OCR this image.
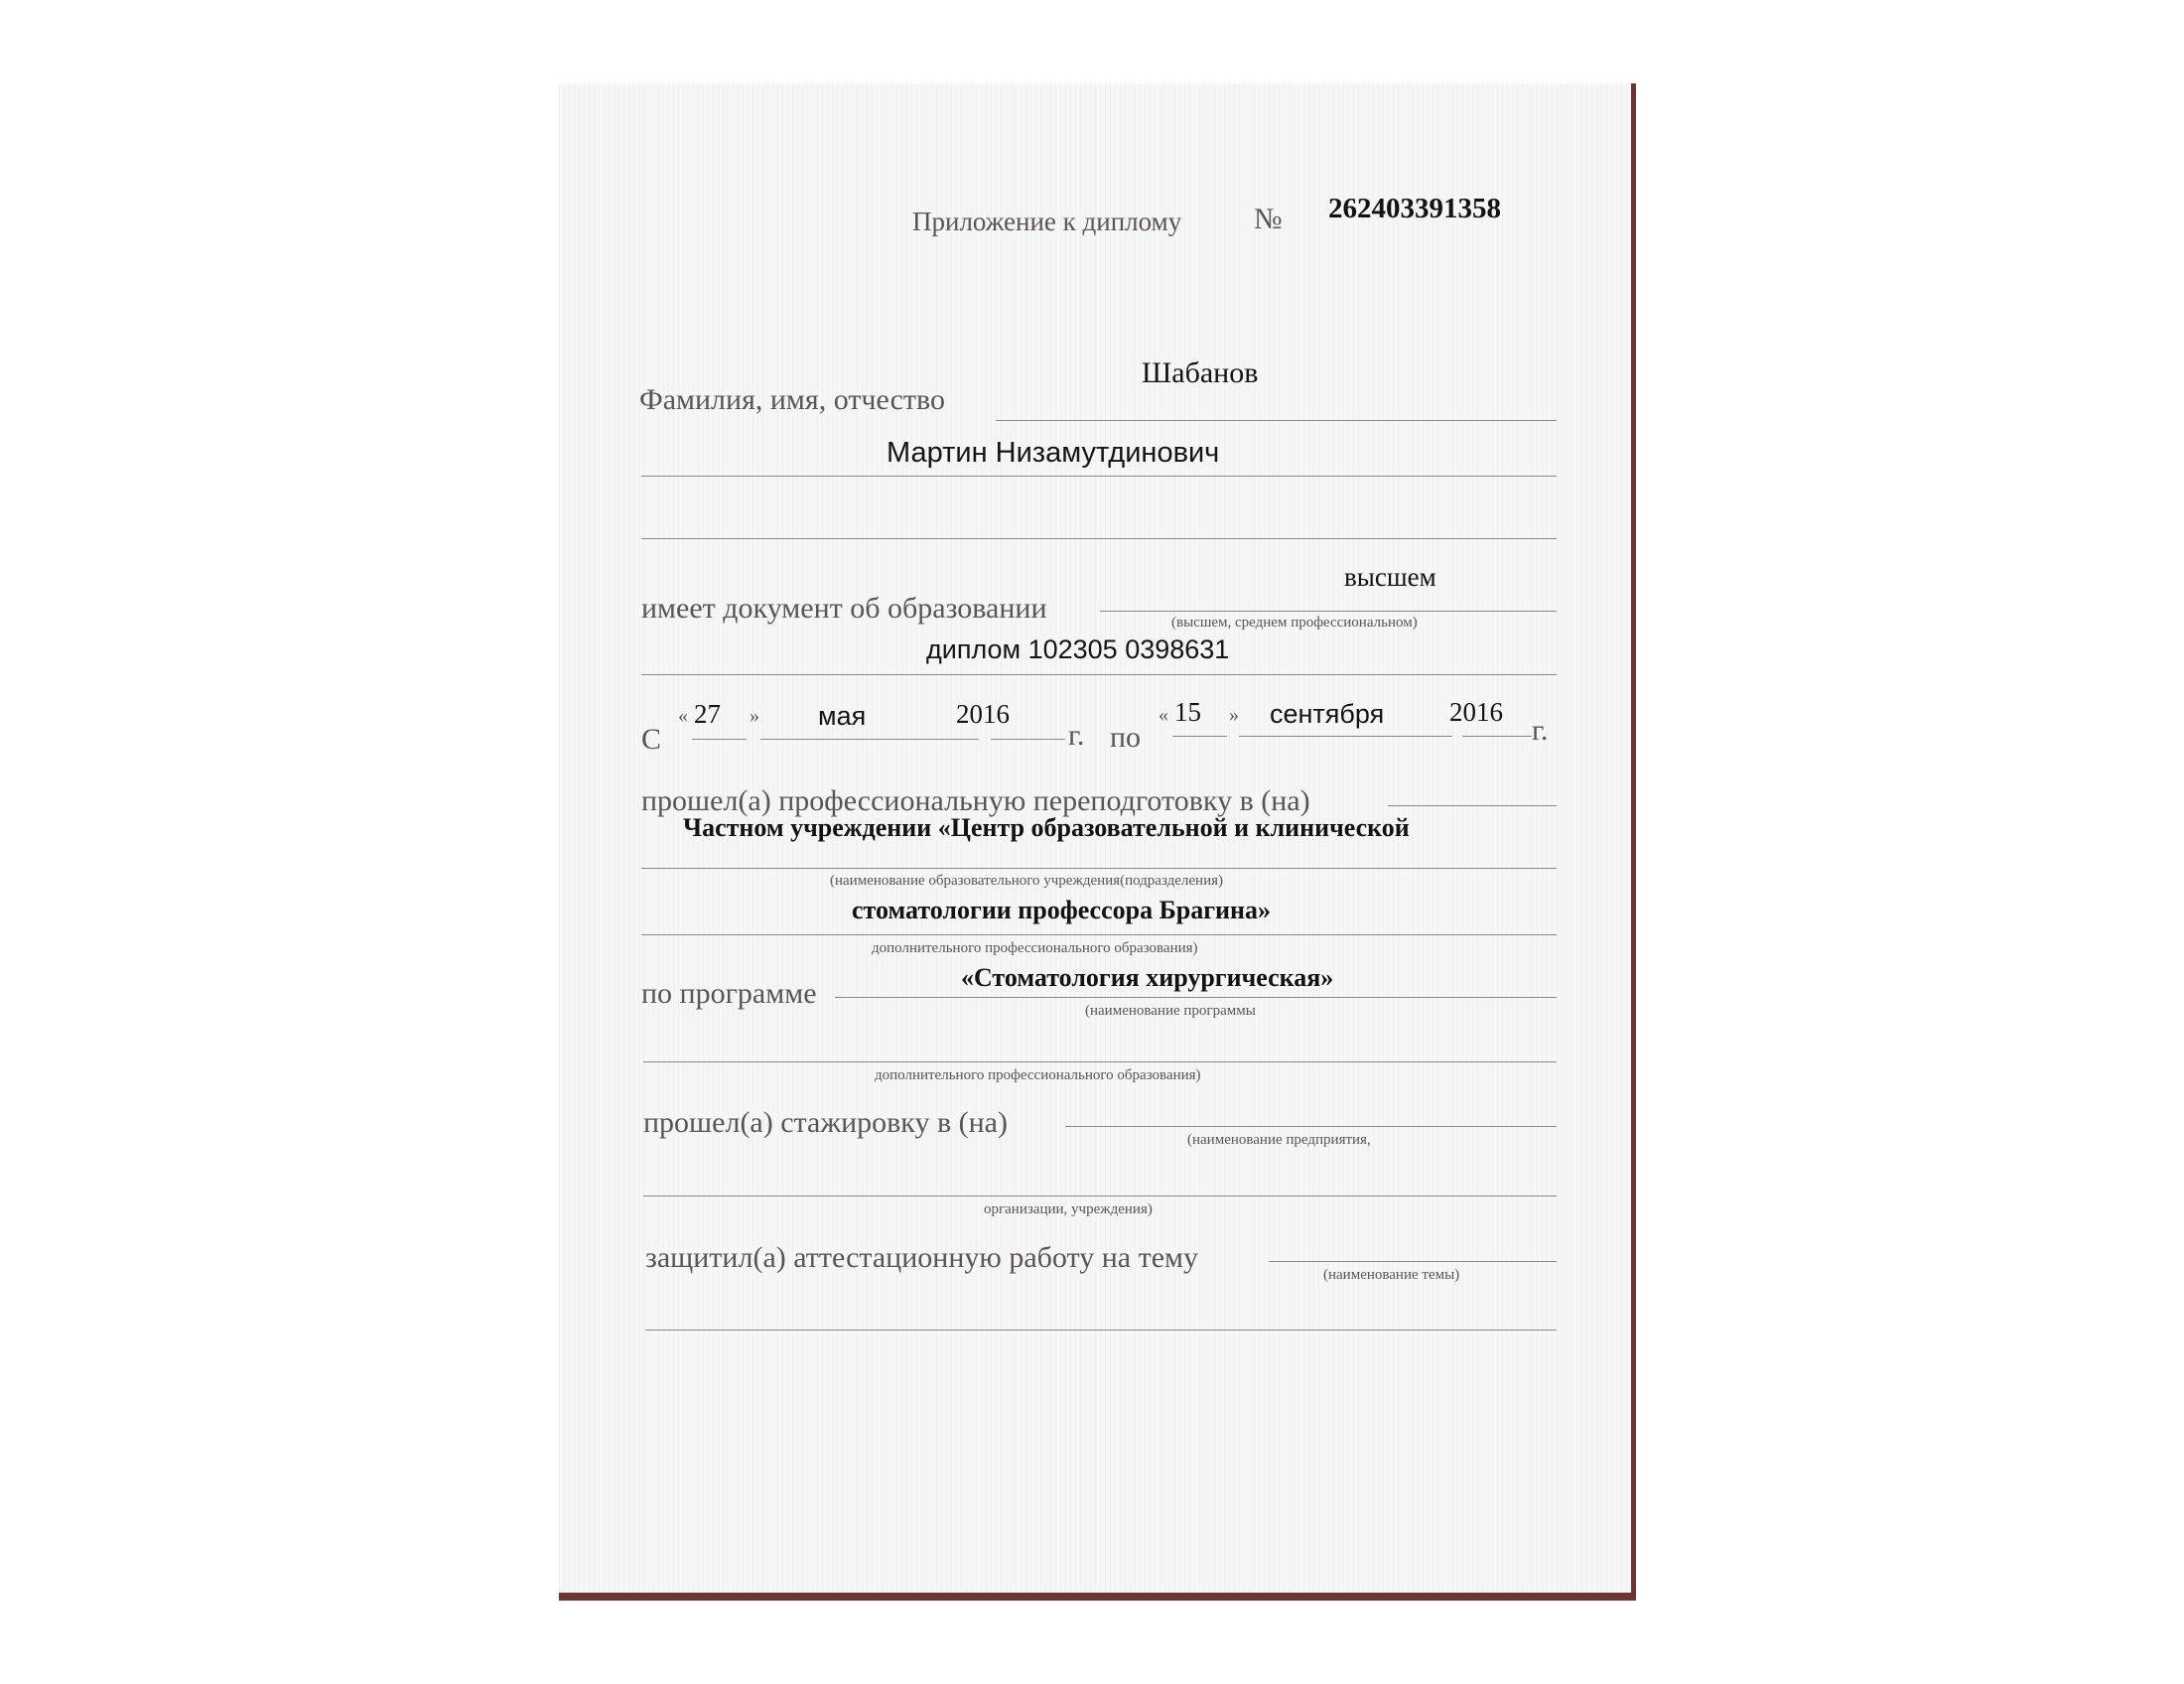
Приложение к диплому № 262403391358
Шабанов
Фамилия, имя, отчество
Мартин Низамутдинович
высшем
имеет документ об образовании	(высшем, среднем профессиональном)
диплом 102305 0398631
С
« 27 » мая	2016
г. по
« 15 » сентября 2016
г.
прошел(а) профессиональную переподготовку в (на)
Частном учреждении «Центр образовательной и клинической
(наименование образовательного учреждения(подразделения)
стоматологии профессора Брагина»
дополнительного профессионального образования)
по программе	«Стоматология хирургическая»
(наименование программы
дополнительного профессионального образования)
прошел(а) стажировку в (на)
(наименование предприятия,
организации, учреждения)
защитил(а) аттестационную работу на тему
(наименование темы)
